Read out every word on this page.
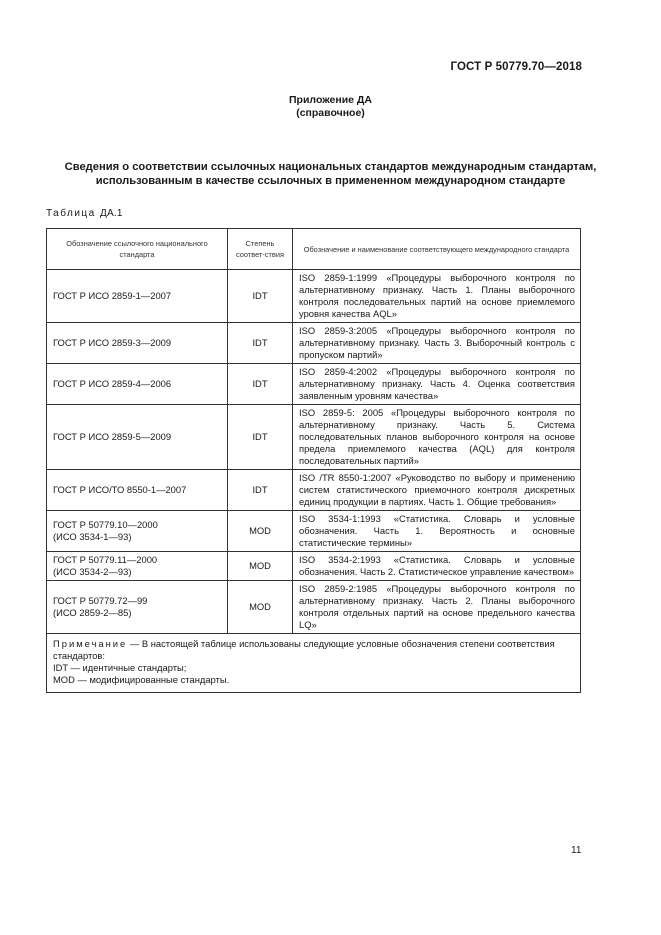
ГОСТ Р 50779.70—2018
Приложение ДА
(справочное)
Сведения о соответствии ссылочных национальных стандартов международным стандартам,
использованным в качестве ссылочных в примененном международном стандарте
Таблица ДА.1
Обозначение ссылочного национального стандарта	Степень соответ-ствия	Обозначение и наименование соответствующего международного стандарта
ГОСТ Р ИСО 2859-1—2007	IDT	ISO 2859-1:1999 «Процедуры выборочного контроля по альтернативному признаку. Часть 1. Планы выборочного контроля последовательных партий на основе приемлемого уровня качества AQL»
ГОСТ Р ИСО 2859-3—2009	IDT	ISO 2859-3:2005 «Процедуры выборочного контроля по альтернативному признаку. Часть 3. Выборочный контроль с пропуском партий»
ГОСТ Р ИСО 2859-4—2006	IDT	ISO 2859-4:2002 «Процедуры выборочного контроля по альтернативному признаку. Часть 4. Оценка соответствия заявленным уровням качества»
ГОСТ Р ИСО 2859-5—2009	IDT	ISO 2859-5: 2005 «Процедуры выборочного контроля по альтернативному признаку. Часть 5. Система последовательных планов выборочного контроля на основе предела приемлемого качества (AQL) для контроля последовательных партий»
ГОСТ Р ИСО/ТО 8550-1—2007	IDT	ISO /TR 8550-1:2007 «Руководство по выбору и применению систем статистического приемочного контроля дискретных единиц продукции в партиях. Часть 1. Общие требования»
ГОСТ Р 50779.10—2000
(ИСО 3534-1—93)	MOD	ISO 3534-1:1993 «Статистика. Словарь и условные обозначения. Часть 1. Вероятность и основные статистические термины»
ГОСТ Р 50779.11—2000
(ИСО 3534-2—93)	MOD	ISO 3534-2:1993 «Статистика. Словарь и условные обозначения. Часть 2. Статистическое управление качеством»
ГОСТ Р 50779.72—99
(ИСО 2859-2—85)	MOD	ISO 2859-2:1985 «Процедуры выборочного контроля по альтернативному признаку. Часть 2. Планы выборочного контроля отдельных партий на основе предельного качества LQ»

Примечание — В настоящей таблице использованы следующие условные обозначения степени соответствия стандартов:
IDT — идентичные стандарты;
MOD — модифицированные стандарты.		
11
